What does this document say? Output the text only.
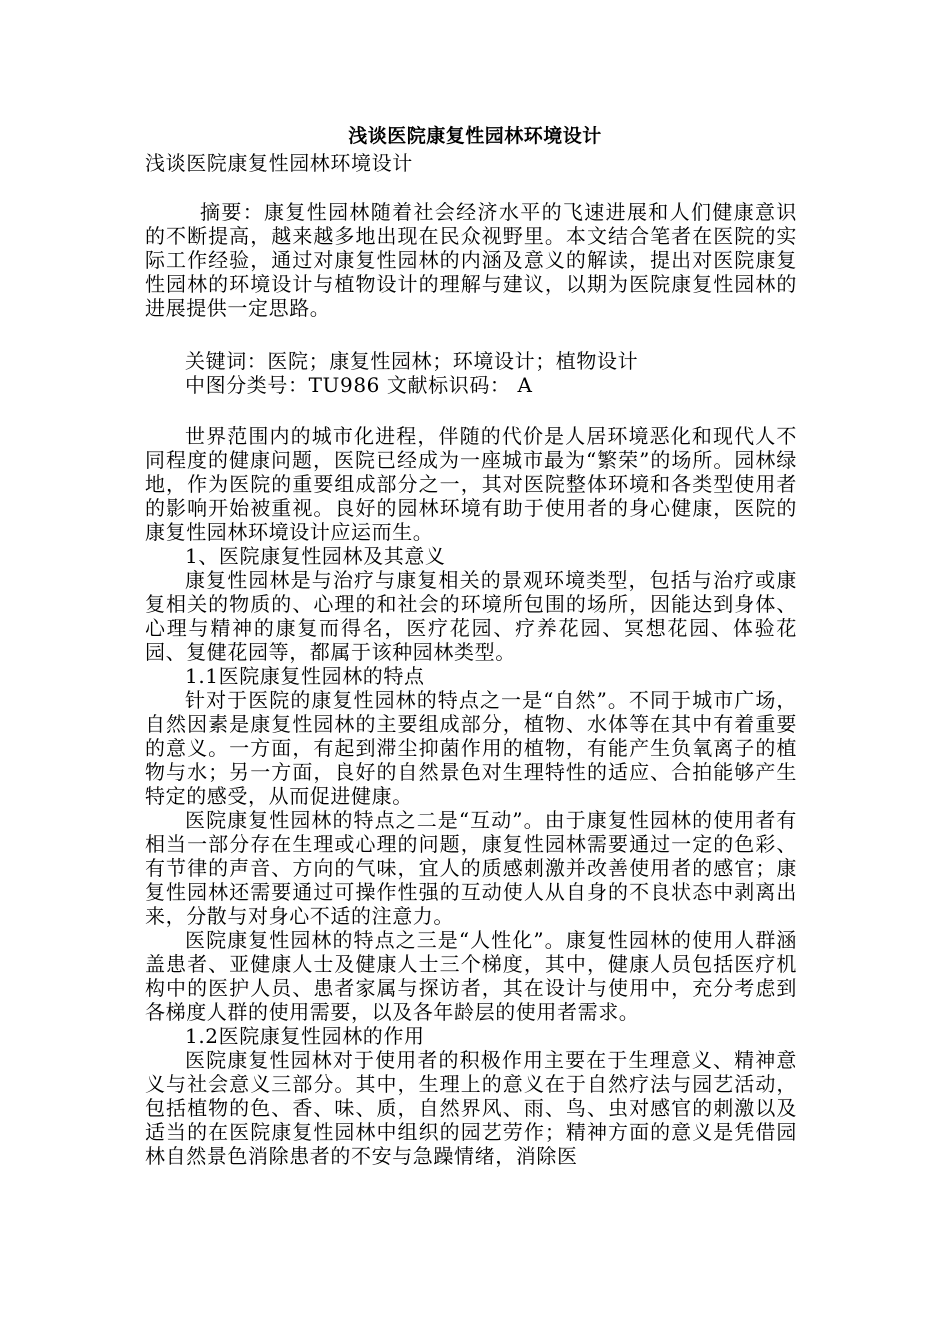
浅谈医院康复性园林环境设计
浅谈医院康复性园林环境设计

摘要：康复性园林随着社会经济水平的飞速进展和人们健康意识的不断提高，越来越多地出现在民众视野里。本文结合笔者在医院的实际工作经验，通过对康复性园林的内涵及意义的解读，提出对医院康复性园林的环境设计与植物设计的理解与建议，以期为医院康复性园林的进展提供一定思路。

关键词：医院；康复性园林；环境设计；植物设计

中图分类号：TU986 文献标识码： A

世界范围内的城市化进程，伴随的代价是人居环境恶化和现代人不同程度的健康问题，医院已经成为一座城市最为“繁荣”的场所。园林绿地，作为医院的重要组成部分之一，其对医院整体环境和各类型使用者的影响开始被重视。良好的园林环境有助于使用者的身心健康，医院的康复性园林环境设计应运而生。

1、医院康复性园林及其意义

康复性园林是与治疗与康复相关的景观环境类型，包括与治疗或康复相关的物质的、心理的和社会的环境所包围的场所，因能达到身体、心理与精神的康复而得名，医疗花园、疗养花园、冥想花园、体验花园、复健花园等，都属于该种园林类型。

1.1医院康复性园林的特点

针对于医院的康复性园林的特点之一是“自然”。不同于城市广场，自然因素是康复性园林的主要组成部分，植物、水体等在其中有着重要的意义。一方面，有起到滞尘抑菌作用的植物，有能产生负氧离子的植物与水；另一方面，良好的自然景色对生理特性的适应、合拍能够产生特定的感受，从而促进健康。

医院康复性园林的特点之二是“互动”。由于康复性园林的使用者有相当一部分存在生理或心理的问题，康复性园林需要通过一定的色彩、有节律的声音、方向的气味，宜人的质感刺激并改善使用者的感官；康复性园林还需要通过可操作性强的互动使人从自身的不良状态中剥离出来，分散与对身心不适的注意力。

医院康复性园林的特点之三是“人性化”。康复性园林的使用人群涵盖患者、亚健康人士及健康人士三个梯度，其中，健康人员包括医疗机构中的医护人员、患者家属与探访者，其在设计与使用中，充分考虑到各梯度人群的使用需要，以及各年龄层的使用者需求。

1.2医院康复性园林的作用

医院康复性园林对于使用者的积极作用主要在于生理意义、精神意义与社会意义三部分。其中，生理上的意义在于自然疗法与园艺活动，包括植物的色、香、味、质，自然界风、雨、鸟、虫对感官的刺激以及适当的在医院康复性园林中组织的园艺劳作；精神方面的意义是凭借园林自然景色消除患者的不安与急躁情绪，消除医
